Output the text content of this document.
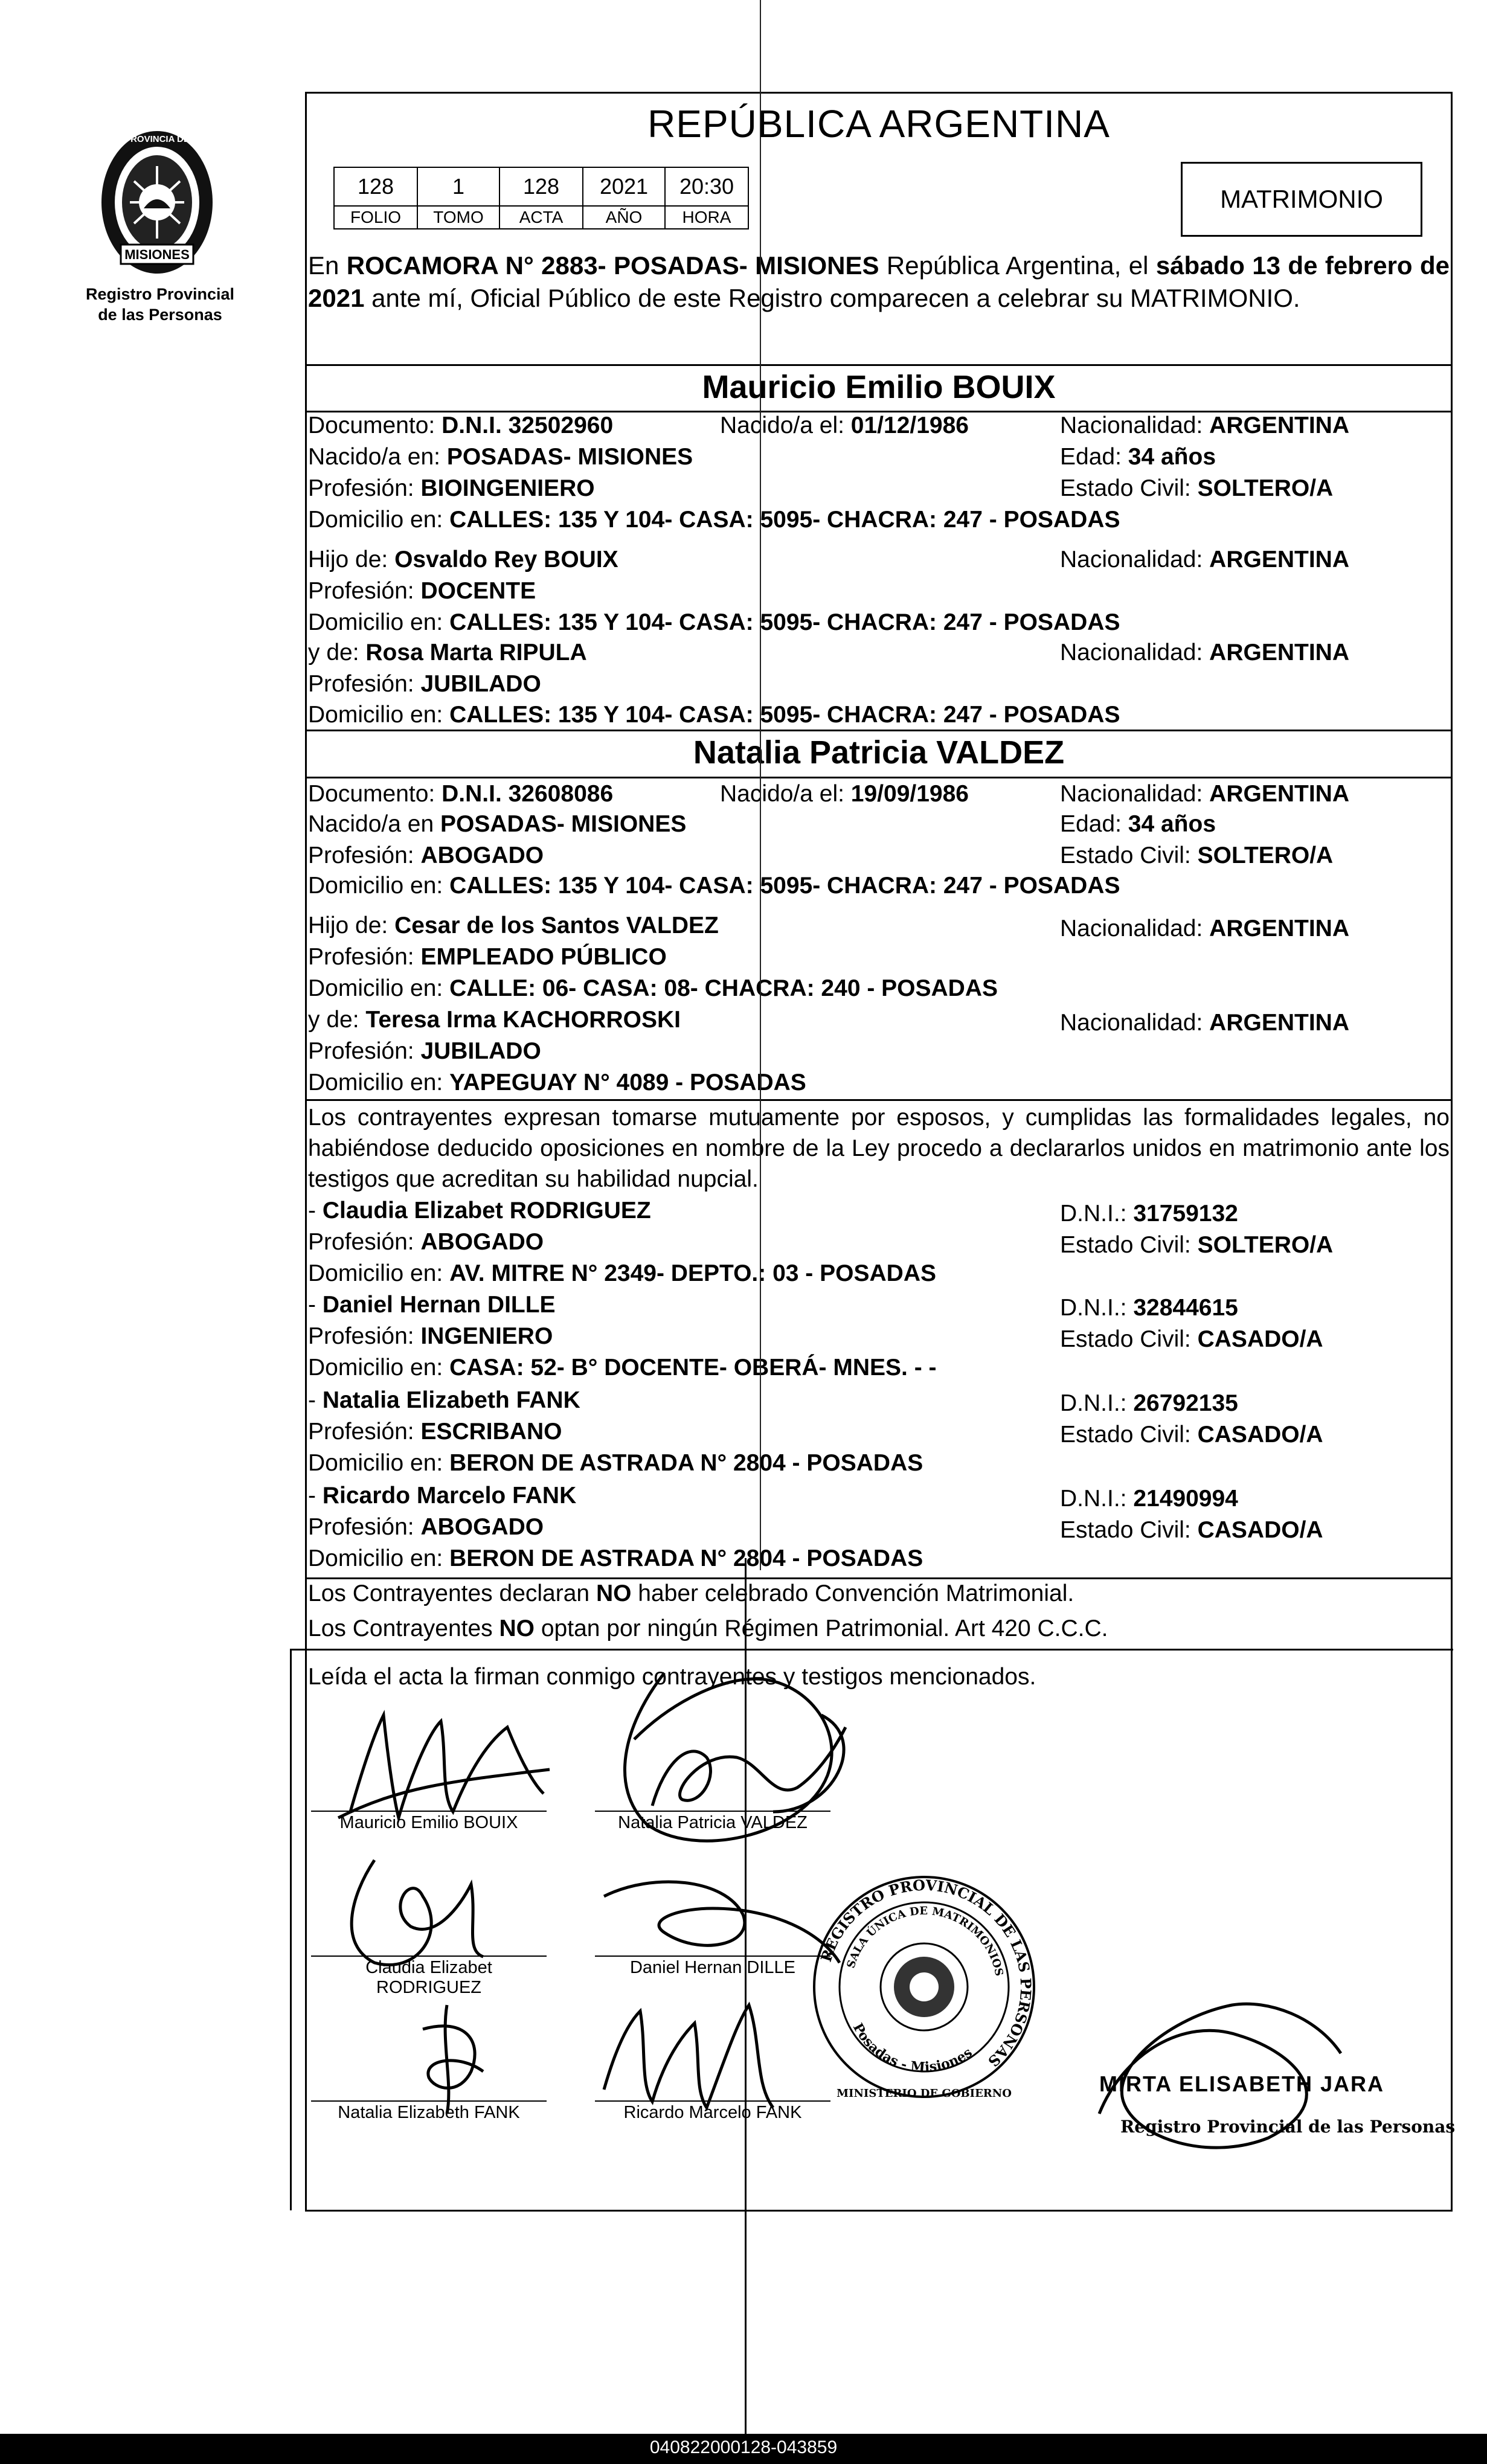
MISIONES
PROVINCIA DE
Registro Provincial
de las Personas
REPÚBLICA ARGENTINA
128	1	128	2021	20:30
FOLIO	TOMO	ACTA	AÑO	HORA
MATRIMONIO
En ROCAMORA N° 2883- POSADAS- MISIONES República Argentina, el sábado 13 de febrero de 2021 ante mí, Oficial Público de este Registro comparecen a celebrar su MATRIMONIO.
Mauricio Emilio BOUIX
Documento: D.N.I. 32502960	Nacido/a el: 01/12/1986	Nacionalidad: ARGENTINA
Nacido/a en: POSADAS- MISIONES	Edad: 34 años
Profesión: BIOINGENIERO	Estado Civil: SOLTERO/A
Domicilio en: CALLES: 135 Y 104- CASA: 5095- CHACRA: 247 - POSADAS
Hijo de: Osvaldo Rey BOUIX	Nacionalidad: ARGENTINA
Profesión: DOCENTE
Domicilio en: CALLES: 135 Y 104- CASA: 5095- CHACRA: 247 - POSADAS
y de: Rosa Marta RIPULA	Nacionalidad: ARGENTINA
Profesión: JUBILADO
Domicilio en: CALLES: 135 Y 104- CASA: 5095- CHACRA: 247 - POSADAS
Natalia Patricia VALDEZ
Documento: D.N.I. 32608086	Nacido/a el: 19/09/1986	Nacionalidad: ARGENTINA
Nacido/a en POSADAS- MISIONES	Edad: 34 años
Profesión: ABOGADO	Estado Civil: SOLTERO/A
Domicilio en: CALLES: 135 Y 104- CASA: 5095- CHACRA: 247 - POSADAS
Hijo de: Cesar de los Santos VALDEZ	Nacionalidad: ARGENTINA
Profesión: EMPLEADO PÚBLICO
Domicilio en: CALLE: 06- CASA: 08- CHACRA: 240 - POSADAS
y de: Teresa Irma KACHORROSKI	Nacionalidad: ARGENTINA
Profesión: JUBILADO
Domicilio en: YAPEGUAY N° 4089 - POSADAS
Los contrayentes expresan tomarse mutuamente por esposos, y cumplidas las formalidades legales, no habiéndose deducido oposiciones en nombre de la Ley procedo a declararlos unidos en matrimonio ante los testigos que acreditan su habilidad nupcial.
- Claudia Elizabet RODRIGUEZ	D.N.I.: 31759132
Profesión: ABOGADO	Estado Civil: SOLTERO/A
Domicilio en: AV. MITRE N° 2349- DEPTO.: 03 - POSADAS
- Daniel Hernan DILLE	D.N.I.: 32844615
Profesión: INGENIERO	Estado Civil: CASADO/A
Domicilio en: CASA: 52- B° DOCENTE- OBERÁ- MNES. - -
- Natalia Elizabeth FANK	D.N.I.: 26792135
Profesión: ESCRIBANO	Estado Civil: CASADO/A
Domicilio en: BERON DE ASTRADA N° 2804 - POSADAS
- Ricardo Marcelo FANK	D.N.I.: 21490994
Profesión: ABOGADO	Estado Civil: CASADO/A
Domicilio en: BERON DE ASTRADA N° 2804 - POSADAS
Los Contrayentes declaran NO haber celebrado Convención Matrimonial.
Los Contrayentes NO optan por ningún Régimen Patrimonial. Art 420 C.C.C.
Leída el acta la firman conmigo contrayentes y testigos mencionados.
Mauricio Emilio BOUIX	Natalia Patricia VALDEZ
Claudia Elizabet
RODRIGUEZ
Daniel Hernan DILLE
Natalia Elizabeth FANK	Ricardo Marcelo FANK
REGISTRO PROVINCIAL DE LAS PERSONAS
SALA ÚNICA DE MATRIMONIOS
Posadas - Misiones
MINISTERIO DE GOBIERNO	MIRTA ELISABETH JARA
Registro Provincial de las Personas
040822000128-043859
